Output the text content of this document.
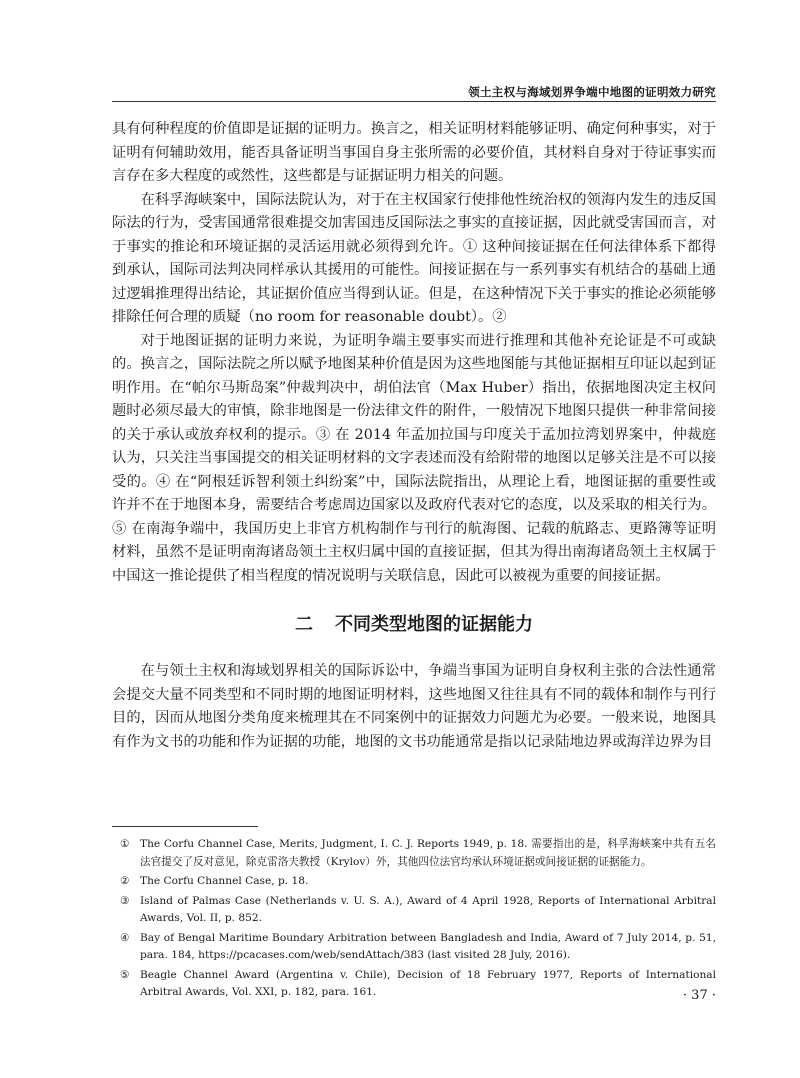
领土主权与海域划界争端中地图的证明效力研究

具有何种程度的价值即是证据的证明力。换言之，相关证明材料能够证明、确定何种事实，对于证明有何辅助效用，能否具备证明当事国自身主张所需的必要价值，其材料自身对于待证事实而言存在多大程度的或然性，这些都是与证据证明力相关的问题。

在科孚海峡案中，国际法院认为，对于在主权国家行使排他性统治权的领海内发生的违反国际法的行为，受害国通常很难提交加害国违反国际法之事实的直接证据，因此就受害国而言，对于事实的推论和环境证据的灵活运用就必须得到允许。① 这种间接证据在任何法律体系下都得到承认，国际司法判决同样承认其援用的可能性。间接证据在与一系列事实有机结合的基础上通过逻辑推理得出结论，其证据价值应当得到认证。但是，在这种情况下关于事实的推论必须能够排除任何合理的质疑（no room for reasonable doubt）。②

对于地图证据的证明力来说，为证明争端主要事实而进行推理和其他补充论证是不可或缺的。换言之，国际法院之所以赋予地图某种价值是因为这些地图能与其他证据相互印证以起到证明作用。在“帕尔马斯岛案”仲裁判决中，胡伯法官（Max Huber）指出，依据地图决定主权问题时必须尽最大的审慎，除非地图是一份法律文件的附件，一般情况下地图只提供一种非常间接的关于承认或放弃权利的提示。③ 在 2014 年孟加拉国与印度关于孟加拉湾划界案中，仲裁庭认为，只关注当事国提交的相关证明材料的文字表述而没有给附带的地图以足够关注是不可以接受的。④ 在“阿根廷诉智利领土纠纷案”中，国际法院指出，从理论上看，地图证据的重要性或许并不在于地图本身，需要结合考虑周边国家以及政府代表对它的态度，以及采取的相关行为。⑤ 在南海争端中，我国历史上非官方机构制作与刊行的航海图、记载的航路志、更路簿等证明材料，虽然不是证明南海诸岛领土主权归属中国的直接证据，但其为得出南海诸岛领土主权属于中国这一推论提供了相当程度的情况说明与关联信息，因此可以被视为重要的间接证据。

二 不同类型地图的证据能力

在与领土主权和海域划界相关的国际诉讼中，争端当事国为证明自身权利主张的合法性通常会提交大量不同类型和不同时期的地图证明材料，这些地图又往往具有不同的载体和制作与刊行目的，因而从地图分类角度来梳理其在不同案例中的证据效力问题尤为必要。一般来说，地图具有作为文书的功能和作为证据的功能，地图的文书功能通常是指以记录陆地边界或海洋边界为目

① The Corfu Channel Case, Merits, Judgment, I. C. J. Reports 1949, p. 18. 需要指出的是，科孚海峡案中共有五名法官提交了反对意见，除克雷洛夫教授（Krylov）外，其他四位法官均承认环境证据或间接证据的证据能力。
② The Corfu Channel Case, p. 18.
③ Island of Palmas Case (Netherlands v. U. S. A.), Award of 4 April 1928, Reports of International Arbitral Awards, Vol. II, p. 852.
④ Bay of Bengal Maritime Boundary Arbitration between Bangladesh and India, Award of 7 July 2014, p. 51, para. 184, https://pcacases.com/web/sendAttach/383 (last visited 28 July, 2016).
⑤ Beagle Channel Award (Argentina v. Chile), Decision of 18 February 1977, Reports of International Arbitral Awards, Vol. XXI, p. 182, para. 161.	· 37 ·
